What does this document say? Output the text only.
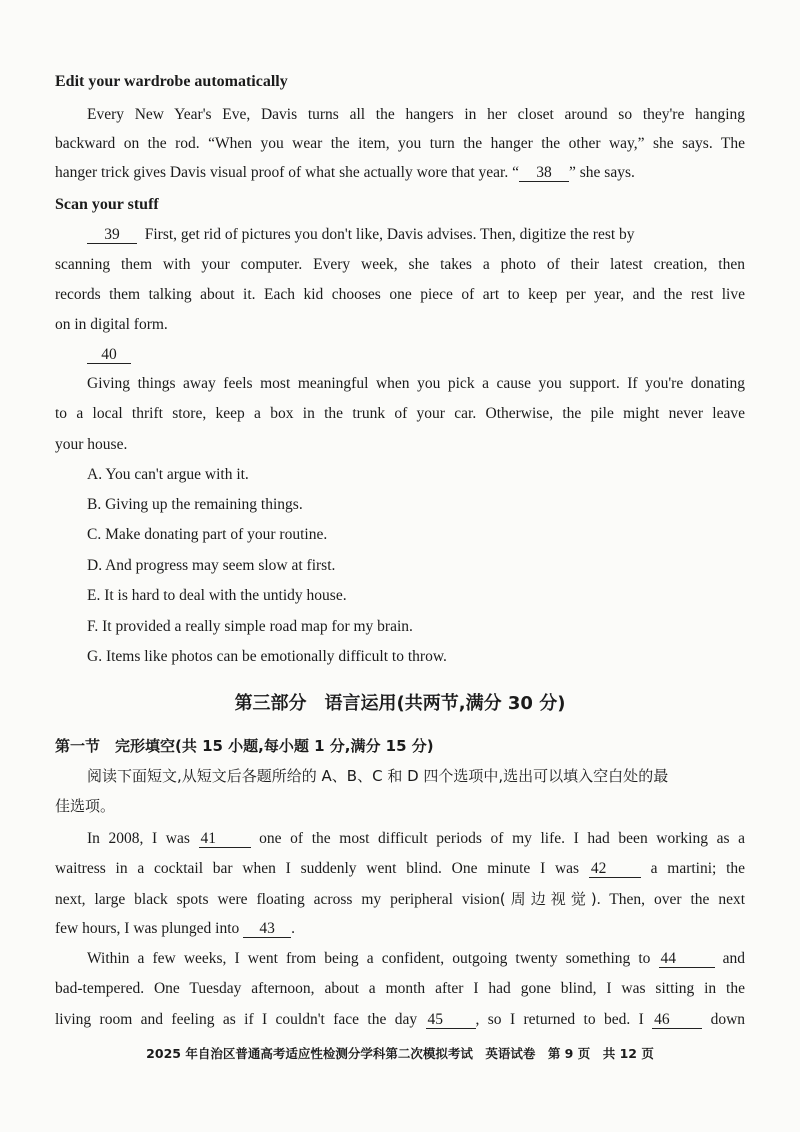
Edit your wardrobe automatically
Every New Year's Eve, Davis turns all the hangers in her closet around so they're hanging
backward on the rod. “When you wear the item, you turn the hanger the other way,” she says. The
hanger trick gives Davis visual proof of what she actually wore that year. “ 38 ” she says.
Scan your stuff
39 First, get rid of pictures you don't like, Davis advises. Then, digitize the rest by
scanning them with your computer. Every week, she takes a photo of their latest creation, then
records them talking about it. Each kid chooses one piece of art to keep per year, and the rest live
on in digital form.
40
Giving things away feels most meaningful when you pick a cause you support. If you're donating
to a local thrift store, keep a box in the trunk of your car. Otherwise, the pile might never leave
your house.
A. You can't argue with it.
B. Giving up the remaining things.
C. Make donating part of your routine.
D. And progress may seem slow at first.
E. It is hard to deal with the untidy house.
F. It provided a really simple road map for my brain.
G. Items like photos can be emotionally difficult to throw.
第三部分　语言运用(共两节,满分 30 分)
第一节　完形填空(共 15 小题,每小题 1 分,满分 15 分)
阅读下面短文,从短文后各题所给的 A、B、C 和 D 四个选项中,选出可以填入空白处的最
佳选项。
In 2008, I was 41	one of the most difficult periods of my life. I had been working as a
waitress in a cocktail bar when I suddenly went blind. One minute I was 42	a martini; the
next, large black spots were floating across my peripheral vision(周边视觉). Then, over the next
few hours, I was plunged into 43 .
Within a few weeks, I went from being a confident, outgoing twenty something to 44	and
bad-tempered. One Tuesday afternoon, about a month after I had gone blind, I was sitting in the
living room and feeling as if I couldn't face the day 45 , so I returned to bed. I 46	down
2025 年自治区普通高考适应性检测分学科第二次模拟考试　英语试卷　第 9 页　共 12 页
